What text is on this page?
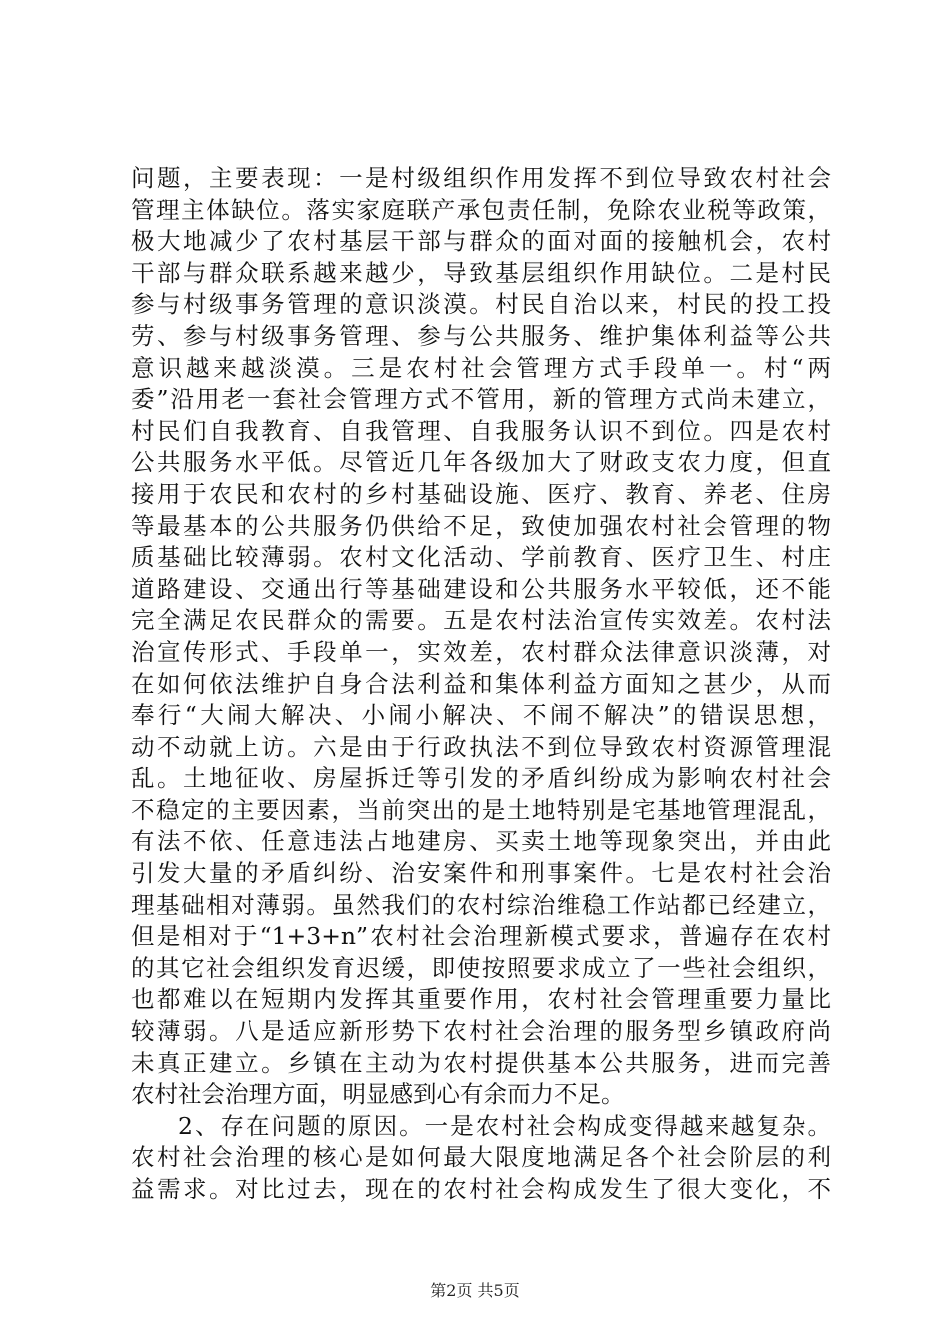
问题，主要表现：一是村级组织作用发挥不到位导致农村社会
管理主体缺位。落实家庭联产承包责任制，免除农业税等政策，
极大地减少了农村基层干部与群众的面对面的接触机会，农村
干部与群众联系越来越少，导致基层组织作用缺位。二是村民
参与村级事务管理的意识淡漠。村民自治以来，村民的投工投
劳、参与村级事务管理、参与公共服务、维护集体利益等公共
意识越来越淡漠。三是农村社会管理方式手段单一。村“两
委”沿用老一套社会管理方式不管用，新的管理方式尚未建立，
村民们自我教育、自我管理、自我服务认识不到位。四是农村
公共服务水平低。尽管近几年各级加大了财政支农力度，但直
接用于农民和农村的乡村基础设施、医疗、教育、养老、住房
等最基本的公共服务仍供给不足，致使加强农村社会管理的物
质基础比较薄弱。农村文化活动、学前教育、医疗卫生、村庄
道路建设、交通出行等基础建设和公共服务水平较低，还不能
完全满足农民群众的需要。五是农村法治宣传实效差。农村法
治宣传形式、手段单一，实效差，农村群众法律意识淡薄，对
在如何依法维护自身合法利益和集体利益方面知之甚少，从而
奉行“大闹大解决、小闹小解决、不闹不解决”的错误思想，
动不动就上访。六是由于行政执法不到位导致农村资源管理混
乱。土地征收、房屋拆迁等引发的矛盾纠纷成为影响农村社会
不稳定的主要因素，当前突出的是土地特别是宅基地管理混乱，
有法不依、任意违法占地建房、买卖土地等现象突出，并由此
引发大量的矛盾纠纷、治安案件和刑事案件。七是农村社会治
理基础相对薄弱。虽然我们的农村综治维稳工作站都已经建立，
但是相对于“1+3+n”农村社会治理新模式要求，普遍存在农村
的其它社会组织发育迟缓，即使按照要求成立了一些社会组织，
也都难以在短期内发挥其重要作用，农村社会管理重要力量比
较薄弱。八是适应新形势下农村社会治理的服务型乡镇政府尚
未真正建立。乡镇在主动为农村提供基本公共服务，进而完善
农村社会治理方面，明显感到心有余而力不足。
2、存在问题的原因。一是农村社会构成变得越来越复杂。
农村社会治理的核心是如何最大限度地满足各个社会阶层的利
益需求。对比过去，现在的农村社会构成发生了很大变化，不
第2页 共5页
